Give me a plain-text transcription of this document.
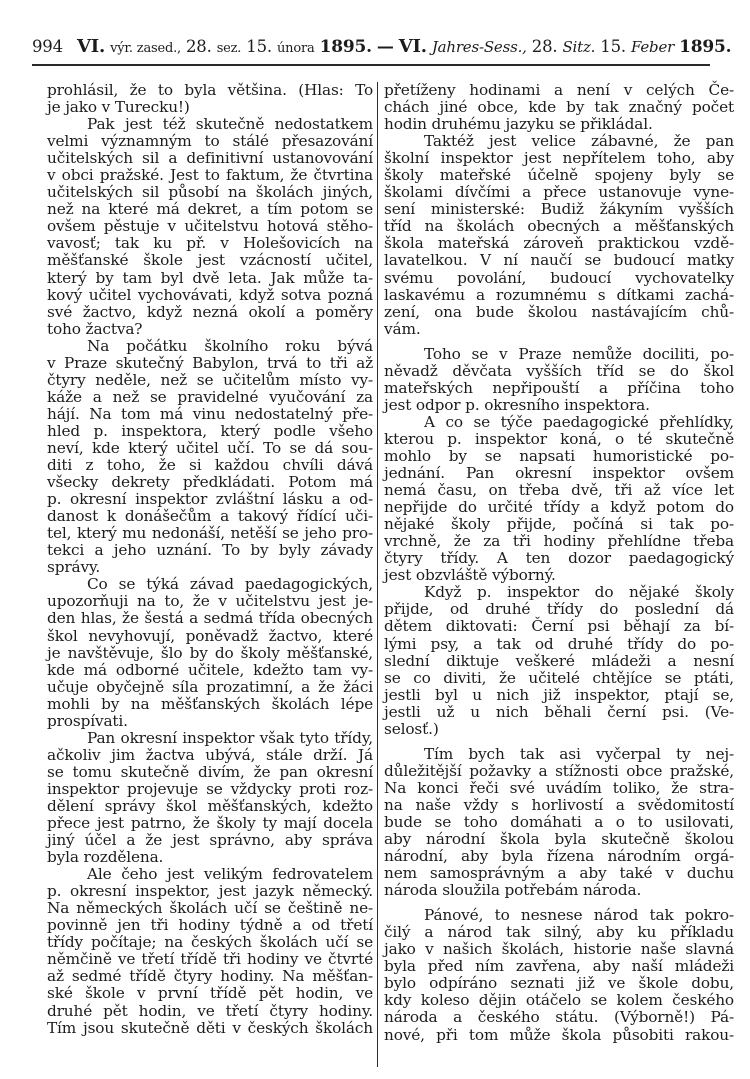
994 VI. výr. zased., 28. sez. 15. února 1895. — VI. Jahres-Sess., 28. Sitz. 15. Feber 1895.
prohlásil, že to byla většina. (Hlas: To
je jako v Turecku!)
Pak jest též skutečně nedostatkem
velmi významným to stálé přesazování
učitelských sil a definitivní ustanovování
v obci pražské. Jest to faktum, že čtvrtina
učitelských sil působí na školách jiných,
než na které má dekret, a tím potom se
ovšem pěstuje v učitelstvu hotová stěho-
vavosť; tak ku př. v Holešovicích na
měšťanské škole jest vzácností učitel,
který by tam byl dvě leta. Jak může ta-
kový učitel vychovávati, když sotva pozná
své žactvo, když nezná okolí a poměry
toho žactva?
Na počátku školního roku bývá
v Praze skutečný Babylon, trvá to tři až
čtyry neděle, než se učitelům místo vy-
káže a než se pravidelné vyučování za
hájí. Na tom má vinu nedostatelný pře-
hled p. inspektora, který podle všeho
neví, kde který učitel učí. To se dá sou-
diti z toho, že si každou chvíli dává
všecky dekrety předkládati. Potom má
p. okresní inspektor zvláštní lásku a od-
danost k donášečům a takový řídící uči-
tel, který mu nedonáší, netěší se jeho pro-
tekci a jeho uznání. To by byly závady
správy.
Co se týká závad paedagogických,
upozorňuji na to, že v učitelstvu jest je-
den hlas, že šestá a sedmá třída obecných
škol nevyhovují, poněvadž žactvo, které
je navštěvuje, šlo by do školy měšťanské,
kde má odborné učitele, kdežto tam vy-
učuje obyčejně síla prozatimní, a že žáci
mohli by na měšťanských školách lépe
prospívati.
Pan okresní inspektor však tyto třídy,
ačkoliv jim žactva ubývá, stále drží. Já
se tomu skutečně divím, že pan okresní
inspektor projevuje se vždycky proti roz-
dělení správy škol měšťanských, kdežto
přece jest patrno, že školy ty mají docela
jiný účel a že jest správno, aby správa
byla rozdělena.
Ale čeho jest velikým fedrovatelem
p. okresní inspektor, jest jazyk německý.
Na německých školách učí se češtině ne-
povinně jen tři hodiny týdně a od třetí
třídy počítaje; na českých školách učí se
němčině ve třetí třídě tři hodiny ve čtvrté
až sedmé třídě čtyry hodiny. Na měšťan-
ské škole v první třídě pět hodin, ve
druhé pět hodin, ve třetí čtyry hodiny.
Tím jsou skutečně děti v českých školách
přetíženy hodinami a není v celých Če-
chách jiné obce, kde by tak značný počet
hodin druhému jazyku se přikládal.
Taktéž jest velice zábavné, že pan
školní inspektor jest nepřítelem toho, aby
školy mateřské účelně spojeny byly se
školami dívčími a přece ustanovuje vyne-
sení ministerské: Budiž žákyním vyšších
tříd na školách obecných a měšťanských
škola mateřská zároveň praktickou vzdě-
lavatelkou. V ní naučí se budoucí matky
svému povolání, budoucí vychovatelky
laskavému a rozumnému s dítkami zachá-
zení, ona bude školou nastávajícím chů-
vám.
Toho se v Praze nemůže dociliti, po-
něvadž děvčata vyšších tříd se do škol
mateřských nepřipouští a příčina toho
jest odpor p. okresního inspektora.
A co se týče paedagogické přehlídky,
kterou p. inspektor koná, o té skutečně
mohlo by se napsati humoristické po-
jednání. Pan okresní inspektor ovšem
nemá času, on třeba dvě, tři až více let
nepřijde do určité třídy a když potom do
nějaké školy přijde, počíná si tak po-
vrchně, že za tři hodiny přehlídne třeba
čtyry třídy. A ten dozor paedagogický
jest obzvláště výborný.
Když p. inspektor do nějaké školy
přijde, od druhé třídy do poslední dá
dětem diktovati: Černí psi běhají za bí-
lými psy, a tak od druhé třídy do po-
slední diktuje veškeré mládeži a nesní
se co diviti, že učitelé chtějíce se ptáti,
jestli byl u nich již inspektor, ptají se,
jestli už u nich běhali černí psi. (Ve-
selosť.)
Tím bych tak asi vyčerpal ty nej-
důležitější požavky a stížnosti obce pražské,
Na konci řeči své uvádím toliko, že stra-
na naše vždy s horlivostí a svědomitostí
bude se toho domáhati a o to usilovati,
aby národní škola byla skutečně školou
národní, aby byla řízena národním orgá-
nem samosprávným a aby také v duchu
národa sloužila potřebám národa.
Pánové, to nesnese národ tak pokro-
čilý a národ tak silný, aby ku příkladu
jako v našich školách, historie naše slavná
byla před ním zavřena, aby naší mládeži
bylo odpíráno seznati již ve škole dobu,
kdy koleso dějin otáčelo se kolem českého
národa a českého státu. (Výborně!) Pá-
nové, při tom může škola působiti rakou-
